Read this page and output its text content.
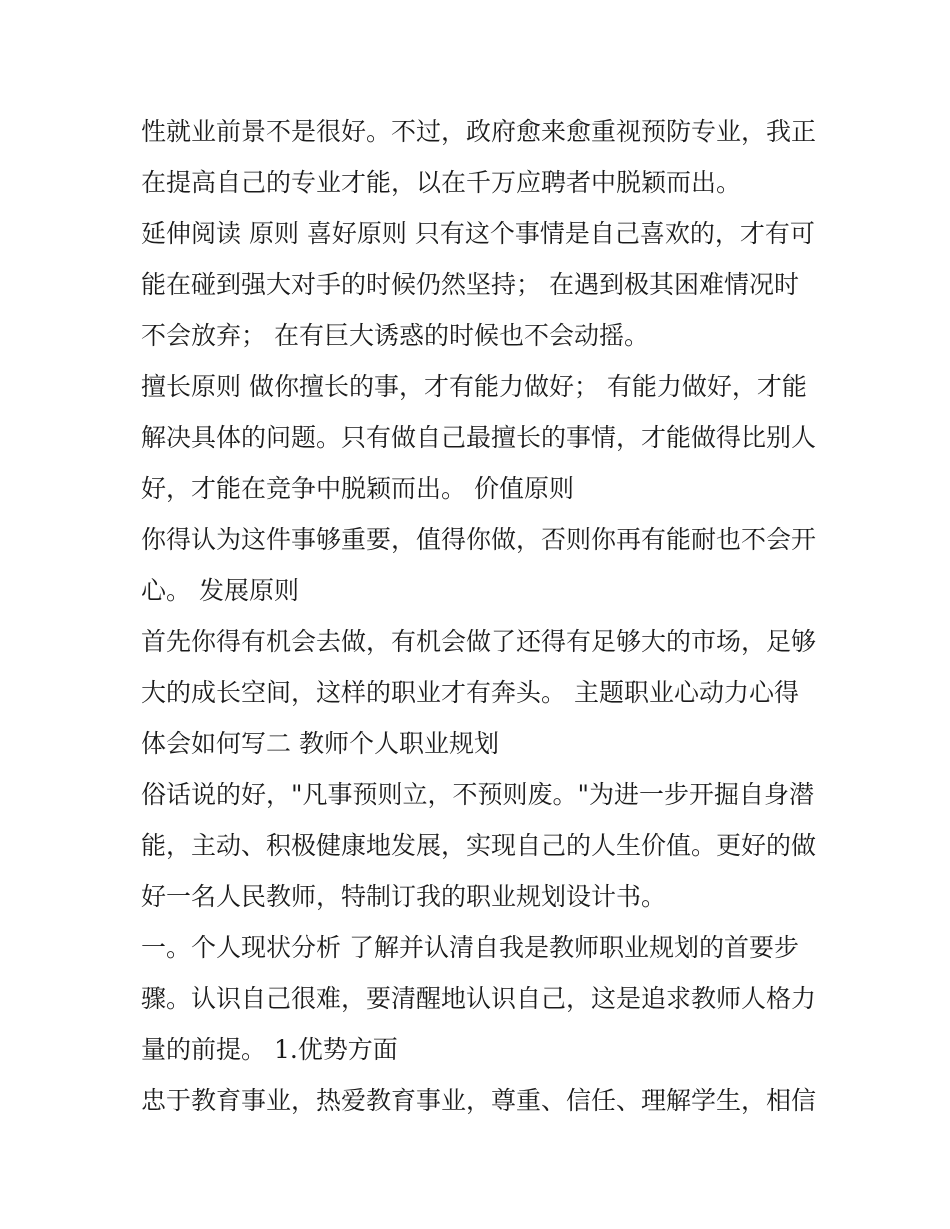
性就业前景不是很好。不过，政府愈来愈重视预防专业，我正
在提高自己的专业才能，以在千万应聘者中脱颖而出。
延伸阅读 原则 喜好原则 只有这个事情是自己喜欢的，才有可
能在碰到强大对手的时候仍然坚持； 在遇到极其困难情况时
不会放弃； 在有巨大诱惑的时候也不会动摇。
擅长原则 做你擅长的事，才有能力做好； 有能力做好，才能
解决具体的问题。只有做自己最擅长的事情，才能做得比别人
好，才能在竞争中脱颖而出。 价值原则
你得认为这件事够重要，值得你做，否则你再有能耐也不会开
心。 发展原则
首先你得有机会去做，有机会做了还得有足够大的市场，足够
大的成长空间，这样的职业才有奔头。 主题职业心动力心得
体会如何写二 教师个人职业规划
俗话说的好，"凡事预则立，不预则废。"为进一步开掘自身潜
能，主动、积极健康地发展，实现自己的人生价值。更好的做
好一名人民教师，特制订我的职业规划设计书。
一。个人现状分析 了解并认清自我是教师职业规划的首要步
骤。认识自己很难，要清醒地认识自己，这是追求教师人格力
量的前提。 1.优势方面
忠于教育事业，热爱教育事业，尊重、信任、理解学生，相信
